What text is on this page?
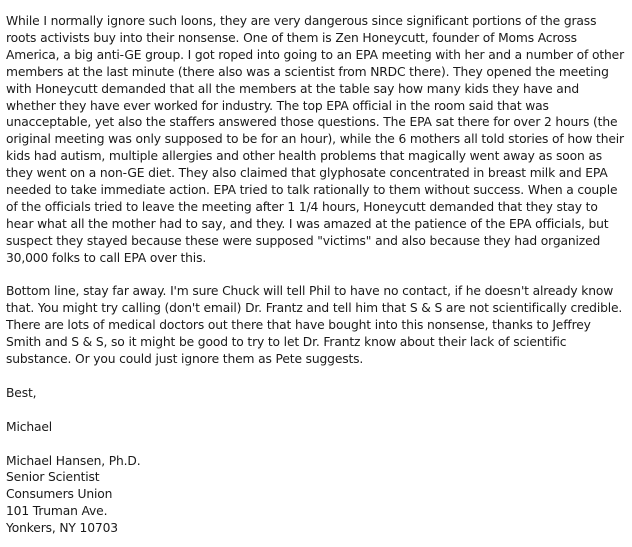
While I normally ignore such loons, they are very dangerous since significant portions of the grass roots activists buy into their nonsense. One of them is Zen Honeycutt, founder of Moms Across America, a big anti-GE group. I got roped into going to an EPA meeting with her and a number of other members at the last minute (there also was a scientist from NRDC there). They opened the meeting with Honeycutt demanded that all the members at the table say how many kids they have and whether they have ever worked for industry. The top EPA official in the room said that was unacceptable, yet also the staffers answered those questions. The EPA sat there for over 2 hours (the original meeting was only supposed to be for an hour), while the 6 mothers all told stories of how their kids had autism, multiple allergies and other health problems that magically went away as soon as they went on a non-GE diet. They also claimed that glyphosate concentrated in breast milk and EPA needed to take immediate action. EPA tried to talk rationally to them without success. When a couple of the officials tried to leave the meeting after 1 1/4 hours, Honeycutt demanded that they stay to hear what all the mother had to say, and they. I was amazed at the patience of the EPA officials, but suspect they stayed because these were supposed "victims" and also because they had organized 30,000 folks to call EPA over this.

Bottom line, stay far away. I'm sure Chuck will tell Phil to have no contact, if he doesn't already know that. You might try calling (don't email) Dr. Frantz and tell him that S & S are not scientifically credible. There are lots of medical doctors out there that have bought into this nonsense, thanks to Jeffrey Smith and S & S, so it might be good to try to let Dr. Frantz know about their lack of scientific substance. Or you could just ignore them as Pete suggests.

Best,

Michael

Michael Hansen, Ph.D.
Senior Scientist
Consumers Union
101 Truman Ave.
Yonkers, NY 10703
